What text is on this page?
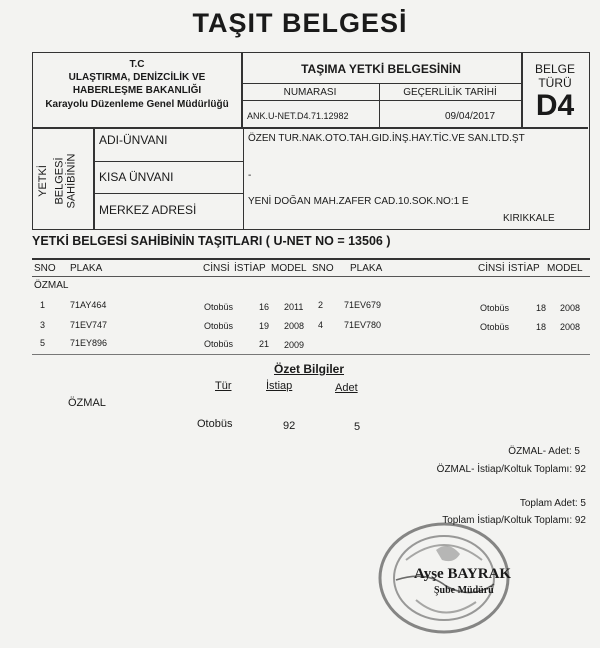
TAŞIT BELGESİ
T.C
ULAŞTIRMA, DENİZCİLİK VE
HABERLEŞME BAKANLIĞI
Karayolu Düzenleme Genel Müdürlüğü
TAŞIMA YETKİ BELGESİNİN
NUMARASI	GEÇERLİLİK TARİHİ
ANK.U-NET.D4.71.12982	09/04/2017
BELGE TÜRÜ
D4
YETKİ BELGESİ SAHİBİNİN
ADI-ÜNVANI	ÖZEN TUR.NAK.OTO.TAH.GID.İNŞ.HAY.TİC.VE SAN.LTD.ŞT
KISA ÜNVANI	-
MERKEZ ADRESİ
YENİ DOĞAN MAH.ZAFER CAD.10.SOK.NO:1 E
KIRIKKALE
YETKİ BELGESİ SAHİBİNİN TAŞITLARI ( U-NET NO = 13506 )
SNO PLAKA	CİNSİ İSTİAP MODEL SNO PLAKA	CİNSİ İSTİAP MODEL
ÖZMAL
1	71AY464	Otobüs	16 2011
3	71EV747	Otobüs	19 2008
5	71EY896	Otobüs	21 2009
2 71EV679	Otobüs	18 2008
4 71EV780	Otobüs	18 2008
Özet Bilgiler
Tür	İstiap	Adet
ÖZMAL
Otobüs	92	5
ÖZMAL- Adet: 5
ÖZMAL- İstiap/Koltuk Toplamı: 92
Toplam Adet: 5
Toplam İstiap/Koltuk Toplamı: 92
Ayşe BAYRAK
Şube Müdürü
